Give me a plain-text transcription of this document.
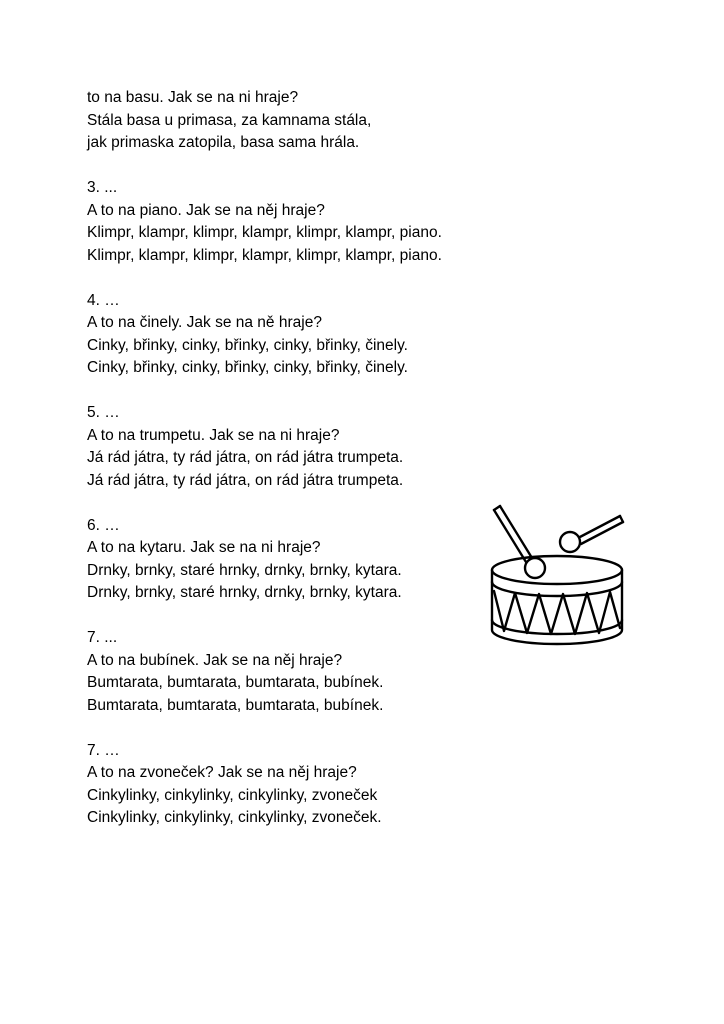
to na basu. Jak se na ni hraje?
Stála basa u primasa, za kamnama stála,
jak primaska zatopila, basa sama hrála.
3. ...
A to na piano. Jak se na něj hraje?
Klimpr, klampr, klimpr, klampr, klimpr, klampr, piano.
Klimpr, klampr, klimpr, klampr, klimpr, klampr, piano.
4. …
A to na činely. Jak se na ně hraje?
Cinky, břinky, cinky, břinky, cinky, břinky, činely.
Cinky, břinky, cinky, břinky, cinky, břinky, činely.
5. …
A to na trumpetu. Jak se na ni hraje?
Já rád játra, ty rád játra, on rád játra trumpeta.
Já rád játra, ty rád játra, on rád játra trumpeta.
6. …
A to na kytaru. Jak se na ni hraje?
Drnky, brnky, staré hrnky, drnky, brnky, kytara.
Drnky, brnky, staré hrnky, drnky, brnky, kytara.
7. ...
A to na bubínek. Jak se na něj hraje?
Bumtarata, bumtarata, bumtarata, bubínek.
Bumtarata, bumtarata, bumtarata, bubínek.
7. …
A to na zvoneček? Jak se na něj hraje?
Cinkylinky, cinkylinky, cinkylinky, zvoneček
Cinkylinky, cinkylinky, cinkylinky, zvoneček.
